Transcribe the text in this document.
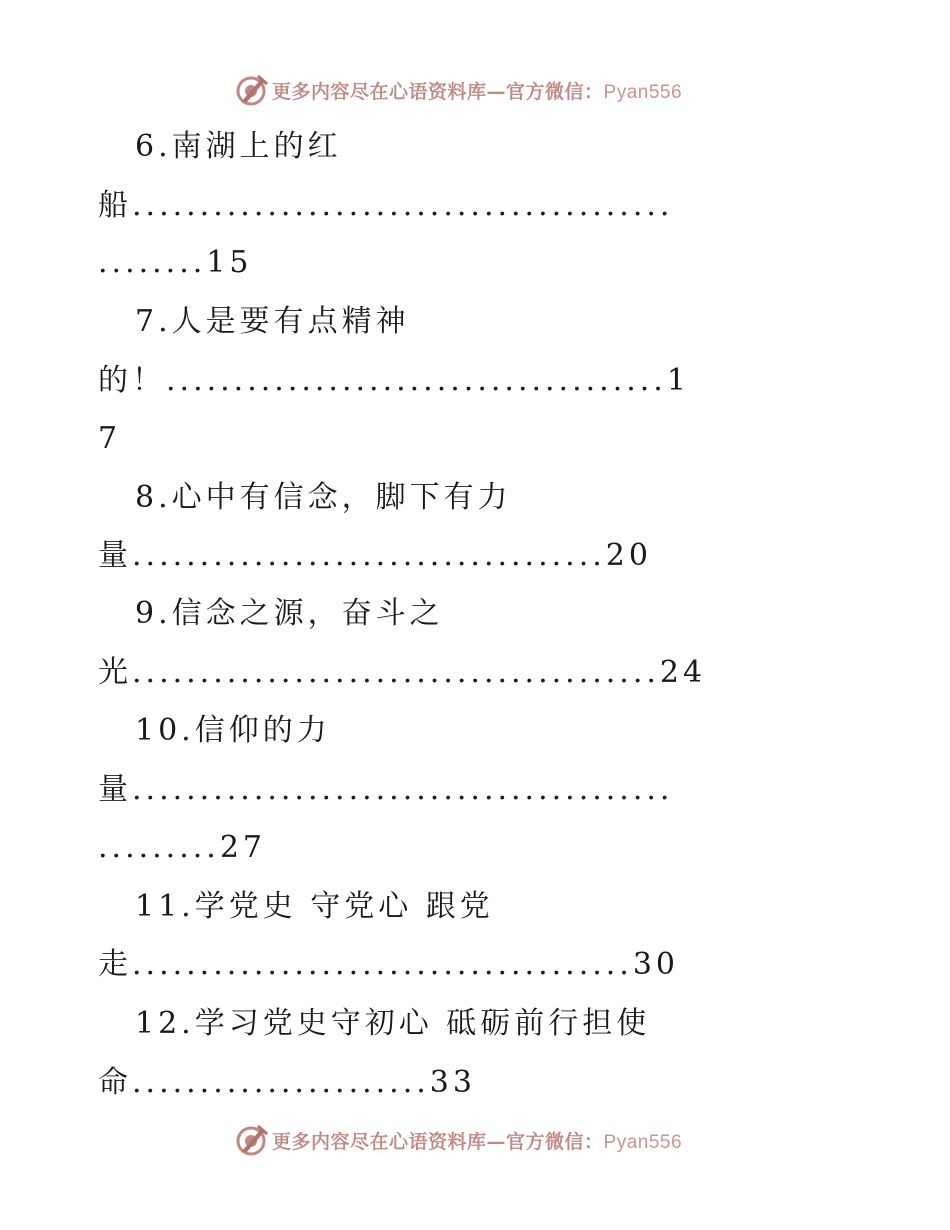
更多内容尽在心语资料库—官方微信：Pyan556
6.南湖上的红
船........................................
........15
7.人是要有点精神
的！.....................................1
7
8.心中有信念，脚下有力
量...................................20
9.信念之源，奋斗之
光.......................................24
10.信仰的力
量........................................
.........27
11.学党史 守党心 跟党
走.....................................30
12.学习党史守初心 砥砺前行担使
命......................33
更多内容尽在心语资料库—官方微信：Pyan556
